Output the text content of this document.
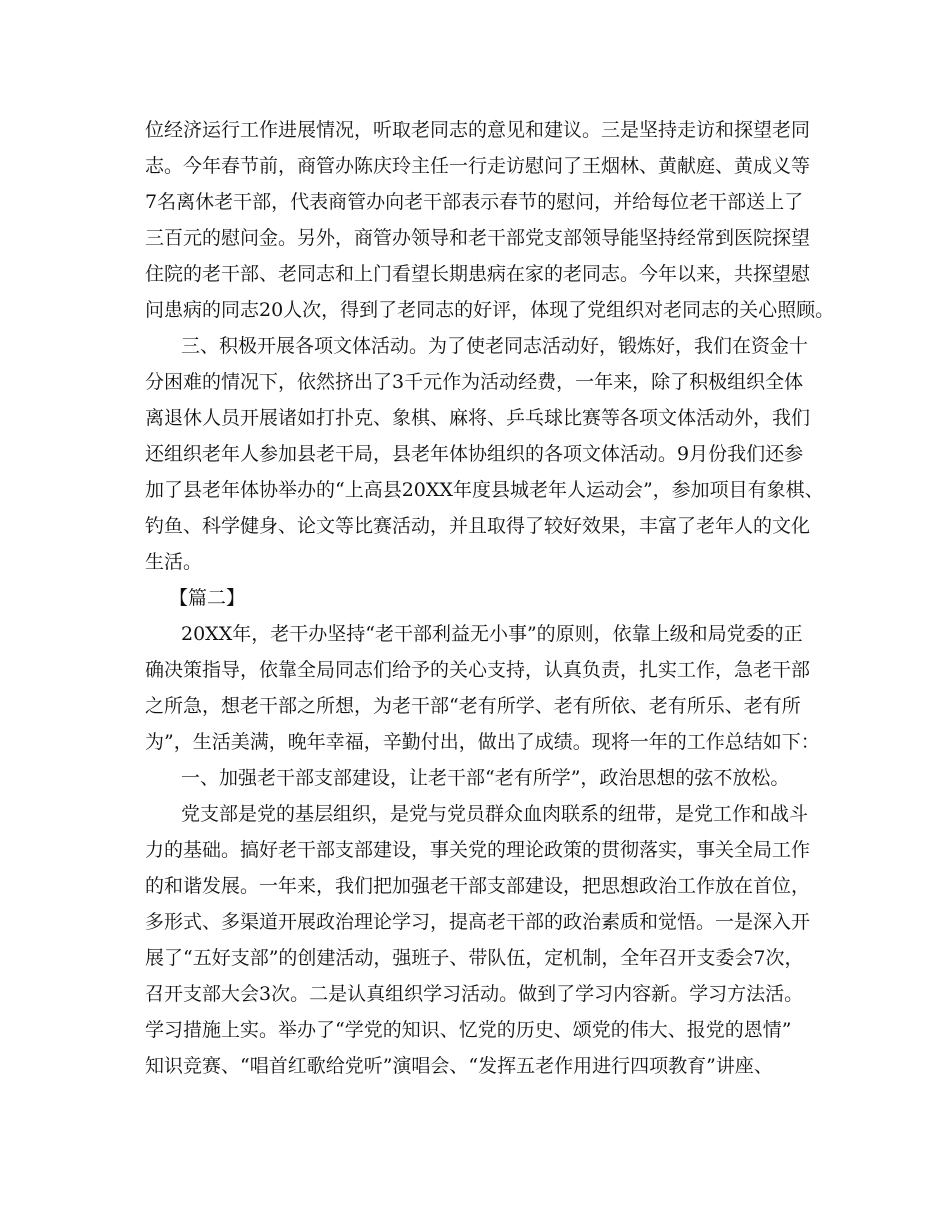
位经济运行工作进展情况，听取老同志的意见和建议。三是坚持走访和探望老同
志。今年春节前，商管办陈庆玲主任一行走访慰问了王烟林、黄献庭、黄成义等
7名离休老干部，代表商管办向老干部表示春节的慰问，并给每位老干部送上了
三百元的慰问金。另外，商管办领导和老干部党支部领导能坚持经常到医院探望
住院的老干部、老同志和上门看望长期患病在家的老同志。今年以来，共探望慰
问患病的同志20人次，得到了老同志的好评，体现了党组织对老同志的关心照顾。
三、积极开展各项文体活动。为了使老同志活动好，锻炼好，我们在资金十
分困难的情况下，依然挤出了3千元作为活动经费，一年来，除了积极组织全体
离退休人员开展诸如打扑克、象棋、麻将、乒乓球比赛等各项文体活动外，我们
还组织老年人参加县老干局，县老年体协组织的各项文体活动。9月份我们还参
加了县老年体协举办的“上高县20XX年度县城老年人运动会”，参加项目有象棋、
钓鱼、科学健身、论文等比赛活动，并且取得了较好效果，丰富了老年人的文化
生活。
【篇二】
20XX年，老干办坚持“老干部利益无小事”的原则，依靠上级和局党委的正
确决策指导，依靠全局同志们给予的关心支持，认真负责，扎实工作，急老干部
之所急，想老干部之所想，为老干部“老有所学、老有所依、老有所乐、老有所
为”，生活美满，晚年幸福，辛勤付出，做出了成绩。现将一年的工作总结如下：
一、加强老干部支部建设，让老干部“老有所学”，政治思想的弦不放松。
党支部是党的基层组织，是党与党员群众血肉联系的纽带，是党工作和战斗
力的基础。搞好老干部支部建设，事关党的理论政策的贯彻落实，事关全局工作
的和谐发展。一年来，我们把加强老干部支部建设，把思想政治工作放在首位，
多形式、多渠道开展政治理论学习，提高老干部的政治素质和觉悟。一是深入开
展了“五好支部”的创建活动，强班子、带队伍，定机制，全年召开支委会7次，
召开支部大会3次。二是认真组织学习活动。做到了学习内容新。学习方法活。
学习措施上实。举办了“学党的知识、忆党的历史、颂党的伟大、报党的恩情”
知识竞赛、“唱首红歌给党听”演唱会、“发挥五老作用进行四项教育”讲座、
